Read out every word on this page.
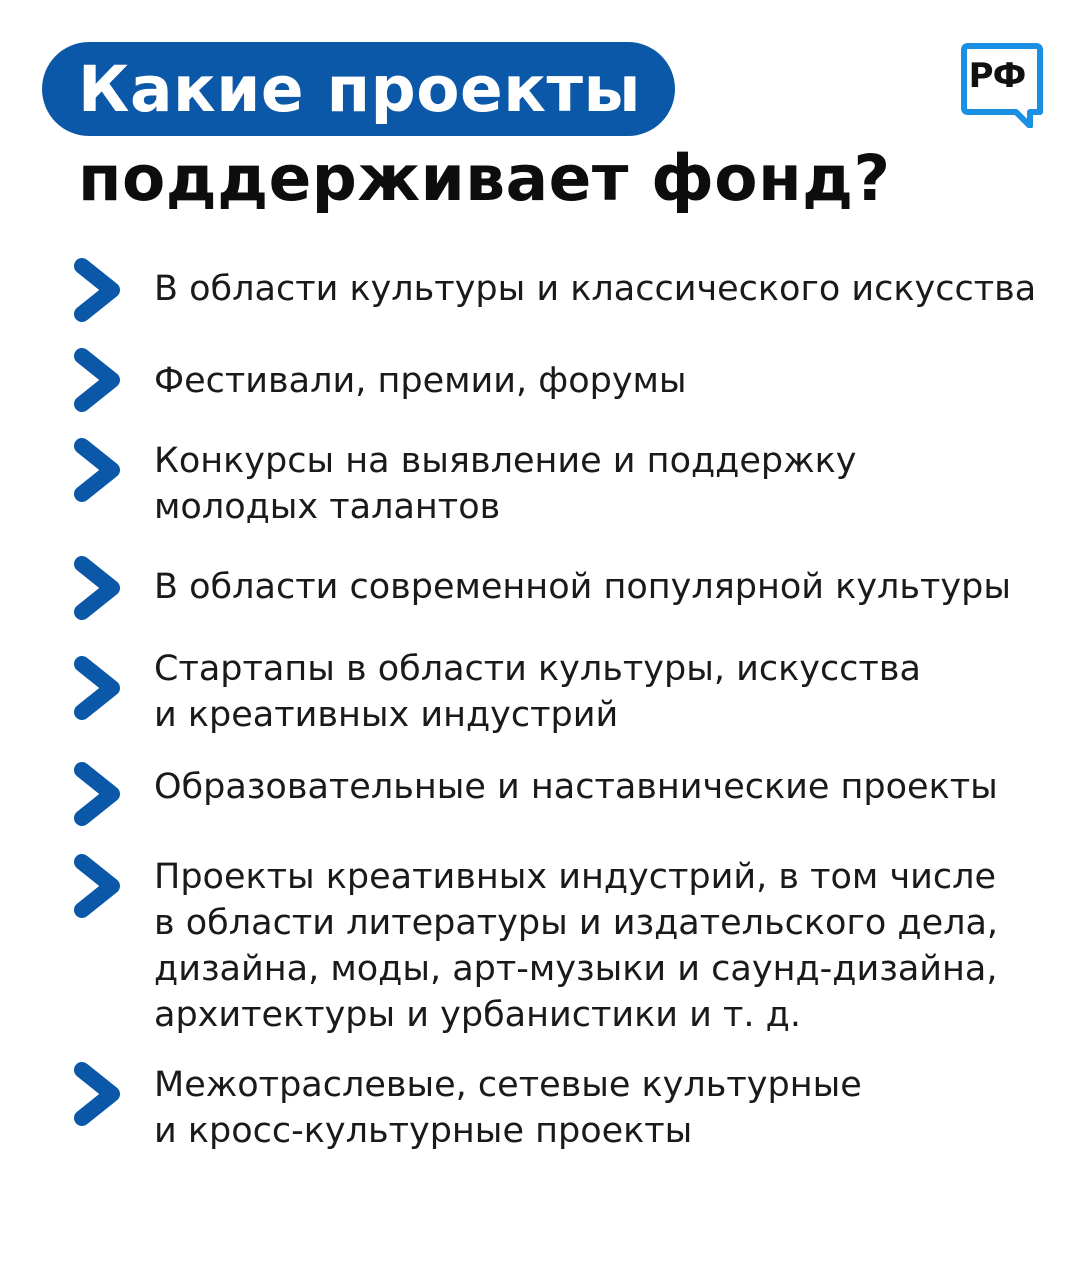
Какие проекты
поддерживает фонд?
РФ
В области культуры и классического искусства
Фестивали, премии, форумы
Конкурсы на выявление и поддержку
молодых талантов
В области современной популярной культуры
Стартапы в области культуры, искусства
и креативных индустрий
Образовательные и наставнические проекты
Проекты креативных индустрий, в том числе
в области литературы и издательского дела,
дизайна, моды, арт-музыки и саунд-дизайна,
архитектуры и урбанистики и т. д.
Межотраслевые, сетевые культурные
и кросс-культурные проекты
